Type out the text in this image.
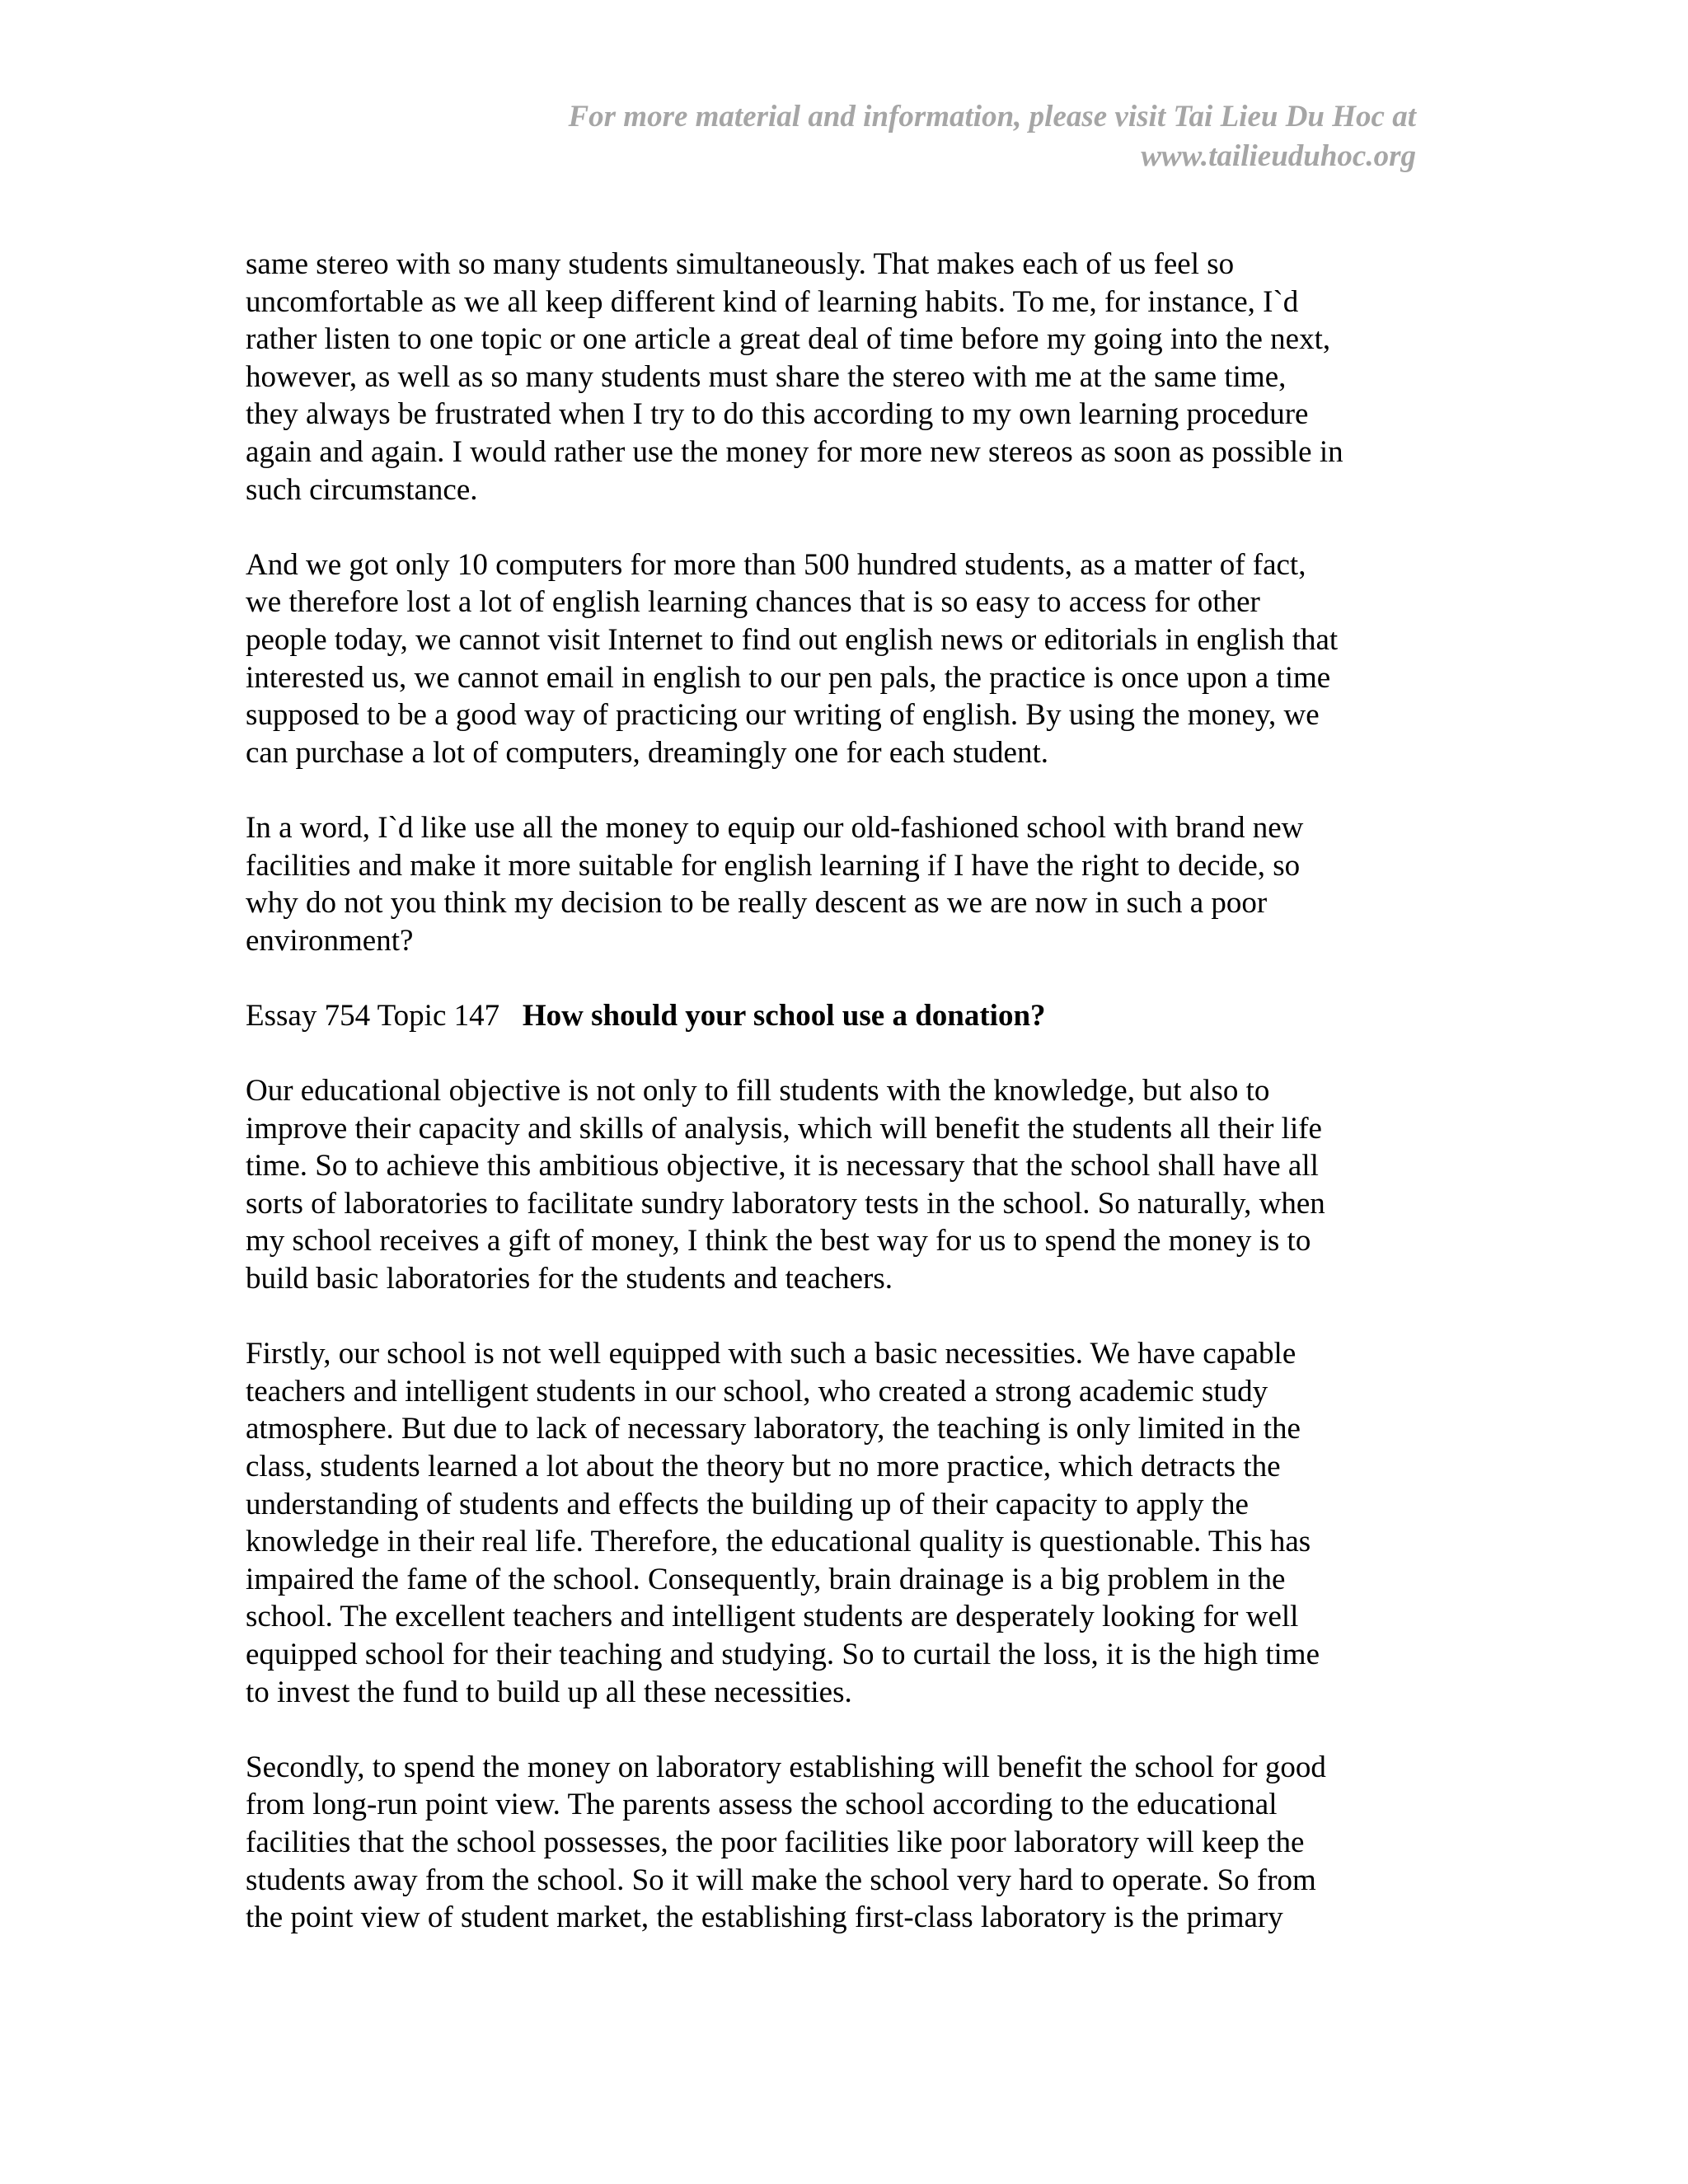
For more material and information, please visit Tai Lieu Du Hoc at
www.tailieuduhoc.org
same stereo with so many students simultaneously. That makes each of us feel so
uncomfortable as we all keep different kind of learning habits. To me, for instance, I`d
rather listen to one topic or one article a great deal of time before my going into the next,
however, as well as so many students must share the stereo with me at the same time,
they always be frustrated when I try to do this according to my own learning procedure
again and again. I would rather use the money for more new stereos as soon as possible in
such circumstance.
And we got only 10 computers for more than 500 hundred students, as a matter of fact,
we therefore lost a lot of english learning chances that is so easy to access for other
people today, we cannot visit Internet to find out english news or editorials in english that
interested us, we cannot email in english to our pen pals, the practice is once upon a time
supposed to be a good way of practicing our writing of english. By using the money, we
can purchase a lot of computers, dreamingly one for each student.
In a word, I`d like use all the money to equip our old-fashioned school with brand new
facilities and make it more suitable for english learning if I have the right to decide, so
why do not you think my decision to be really descent as we are now in such a poor
environment?
Essay 754 Topic 147 How should your school use a donation?
Our educational objective is not only to fill students with the knowledge, but also to
improve their capacity and skills of analysis, which will benefit the students all their life
time. So to achieve this ambitious objective, it is necessary that the school shall have all
sorts of laboratories to facilitate sundry laboratory tests in the school. So naturally, when
my school receives a gift of money, I think the best way for us to spend the money is to
build basic laboratories for the students and teachers.
Firstly, our school is not well equipped with such a basic necessities. We have capable
teachers and intelligent students in our school, who created a strong academic study
atmosphere. But due to lack of necessary laboratory, the teaching is only limited in the
class, students learned a lot about the theory but no more practice, which detracts the
understanding of students and effects the building up of their capacity to apply the
knowledge in their real life. Therefore, the educational quality is questionable. This has
impaired the fame of the school. Consequently, brain drainage is a big problem in the
school. The excellent teachers and intelligent students are desperately looking for well
equipped school for their teaching and studying. So to curtail the loss, it is the high time
to invest the fund to build up all these necessities.
Secondly, to spend the money on laboratory establishing will benefit the school for good
from long-run point view. The parents assess the school according to the educational
facilities that the school possesses, the poor facilities like poor laboratory will keep the
students away from the school. So it will make the school very hard to operate. So from
the point view of student market, the establishing first-class laboratory is the primary
